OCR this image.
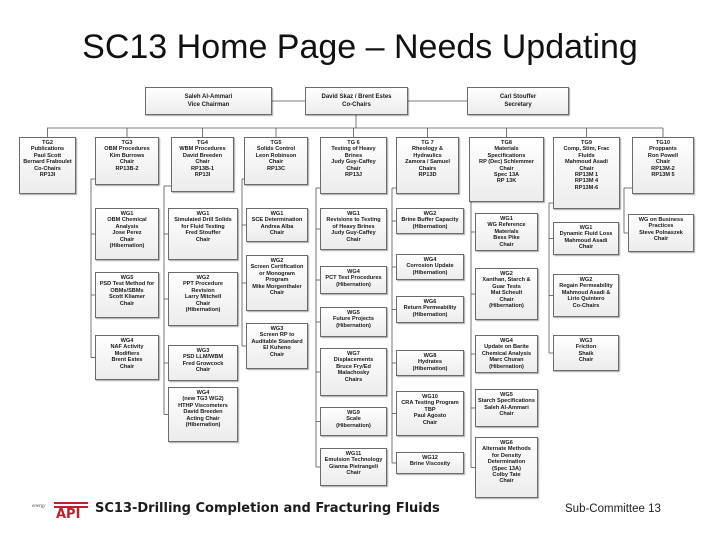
SC13 Home Page – Needs Updating
Saleh Al-Ammari
Vice Chairman
David Skaz / Brent Estes
Co-Chairs
Carl Stouffer
Secretary
TG2
Publications
Paul Scott
Bernard Fraboulet
Co-Chairs
RP13I
TG3
OBM Procedures
Kim Burrows
Chair
RP13B-2
TG4
WBM Procedures
David Breeden
Chair
RP13B-1
RP13I
TG5
Solids Control
Leon Robinson
Chair
RP13C
TG 6
Testing of Heavy
Brines
Judy Guy-Caffey
Chair
RP13J
TG 7
Rheology &
Hydraulics
Zamora / Samuel
Chairs
RP13D
TG8
Materials
Specifications
RP (Dec) Schlemmer
Chair
Spec 13A
RP 13K
TG9
Comp, Stim, Frac
Fluids
Mahmoud Asadi
Chair
RP13M 1
RP13M 4
RP13M-6
TG10
Proppants
Ron Powell
Chair
RP13M-2
RP13M 5
WG1
OBM Chemical
Analysis
Jose Perez
Chair
(Hibernation)
WG5
PSD Test Method for
OBMs/SBMs
Scott Kliamer
Chair
WG4
NAF Activity
Modifiers
Brent Estes
Chair
WG1
Simulated Drill Solids
for Fluid Testing
Fred Stouffer
Chair
WG2
PPT Procedure
Revision
Larry Mitchell
Chair
(Hibernation)
WG3
PSD LLM/WBM
Fred Growcock
Chair
WG4
(new TG3 WG2)
HTHP Viscometers
David Breeden
Acting Chair
(Hibernation)
WG1
SCE Determination
Andrea Alba
Chair
WG2
Screen Certification
or Monogram
Program
Mike Morgenthaler
Chair
WG3
Screen RP to
Auditable Standard
El Kuheno
Chair
WG1
Revisions to Testing
of Heavy Brines
Judy Guy-Caffey
Chair
WG4
PCT Test Procedures
(Hibernation)
WG5
Future Projects
(Hibernation)
WG7
Displacements
Bruce Fry/Ed
Malachosky
Chairs
WG9
Scale
(Hibernation)
WG11
Emulsion Technology
Gianna Pietrangeli
Chair
WG2
Brine Buffer Capacity
(Hibernation)
WG4
Corrosion Update
(Hibernation)
WG6
Return Permeability
(Hibernation)
WG8
Hydrates
(Hibernation)
WG10
CRA Testing Program
TBP
Paul Agosto
Chair
WG12
Brine Viscosity
WG1
WG Reference
Materials
Bess Pike
Chair
WG2
Xanthan, Starch &
Guar Tests
Mat Scheult
Chair
(Hibernation)
WG4
Update on Barite
Chemical Analysis
Marc Churan
(Hibernation)
WG5
Starch Specifications
Saleh Al-Ammari
Chair
WG6
Alternate Methods
for Density
Determination
(Spec 13A)
Colby Tate
Chair
WG1
Dynamic Fluid Loss
Mahmoud Asadi
Chair
WG2
Regain Permeability
Mahmoud Asadi &
Lirio Quintero
Co-Chairs
WG3
Friction
Shaik
Chair
WG on Business
Practices
Steve Polnaszek
Chair
energy
API SC13-Drilling Completion and Fracturing Fluids	Sub-Committee 13
